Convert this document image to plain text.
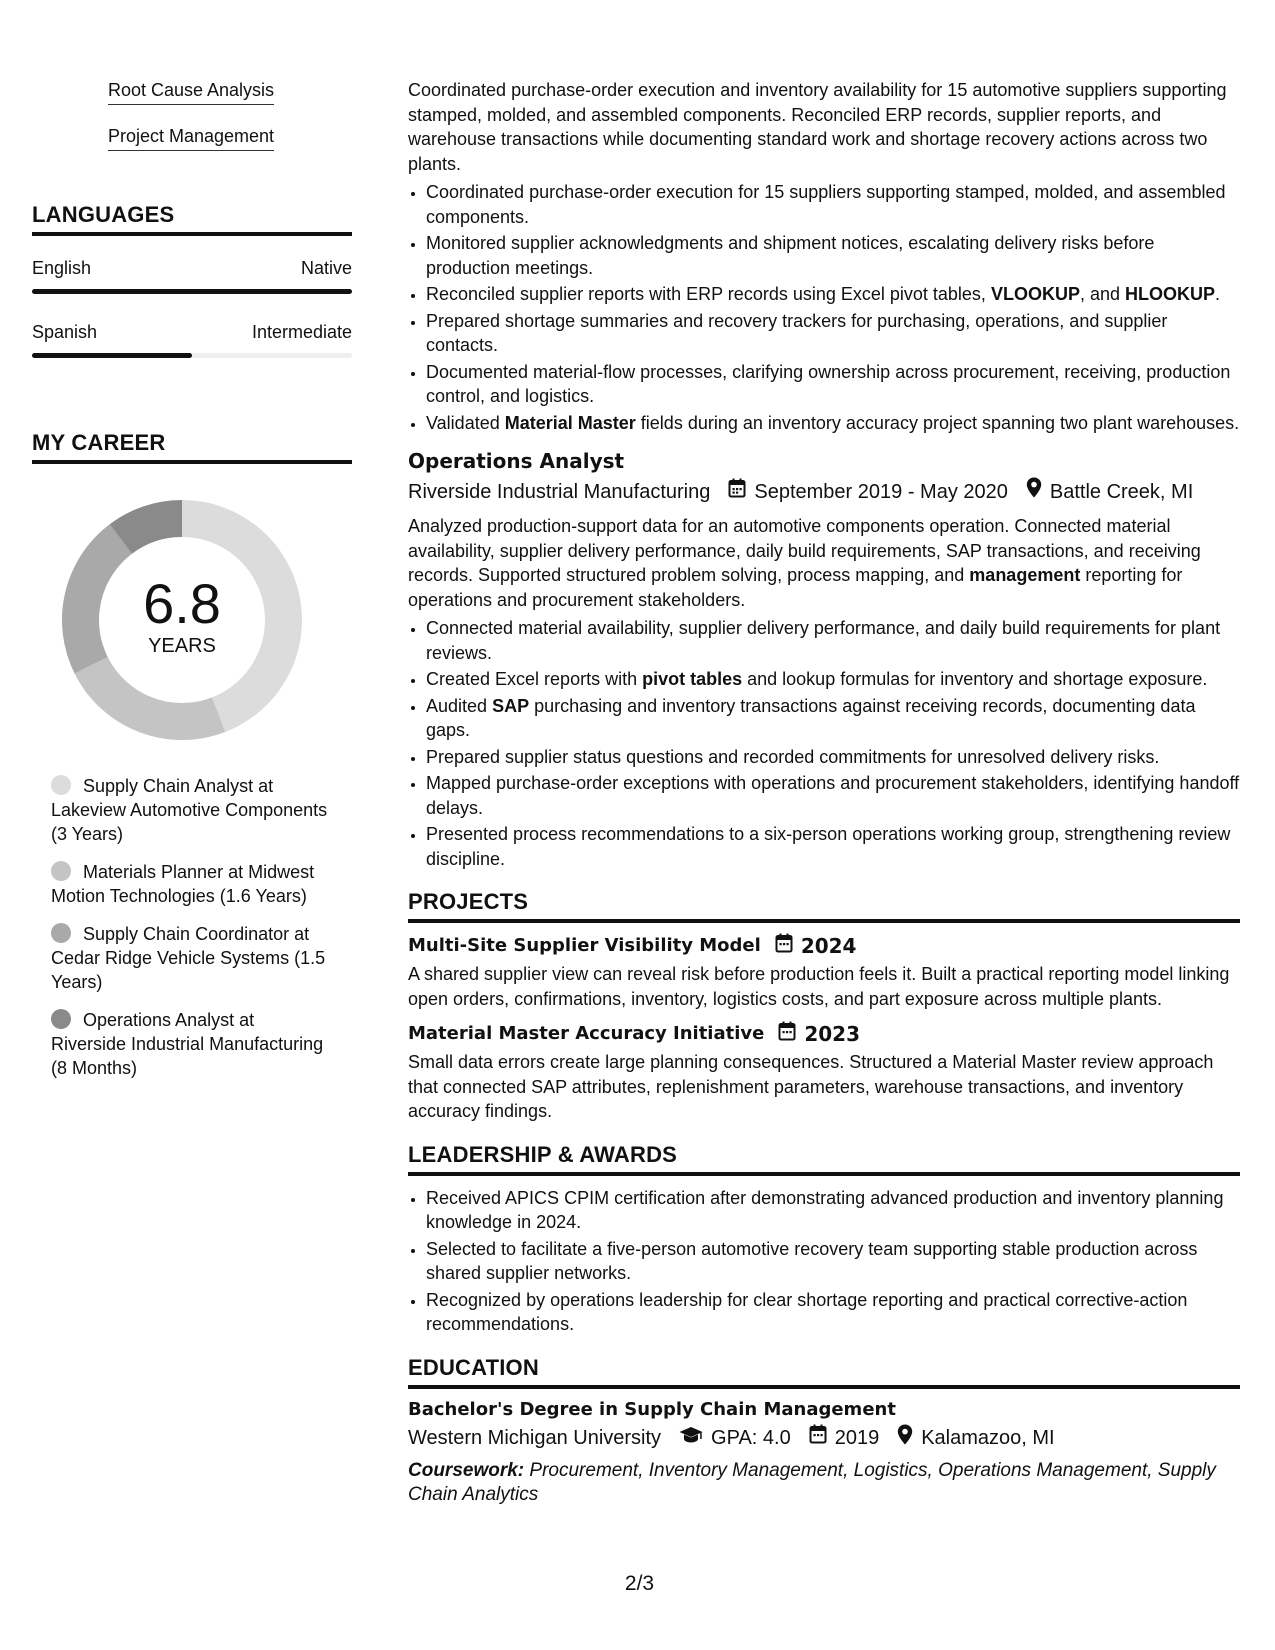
Root Cause Analysis
Project Management
LANGUAGES
English	Native
Spanish	Intermediate
MY CAREER
6.8
YEARS
Supply Chain Analyst at Lakeview Automotive Components (3 Years)
Materials Planner at Midwest Motion Technologies (1.6 Years)
Supply Chain Coordinator at Cedar Ridge Vehicle Systems (1.5 Years)
Operations Analyst at Riverside Industrial Manufacturing (8 Months)

Coordinated purchase-order execution and inventory availability for 15 automotive suppliers supporting stamped, molded, and assembled components. Reconciled ERP records, supplier reports, and warehouse transactions while documenting standard work and shortage recovery actions across two plants.

• Coordinated purchase-order execution for 15 suppliers supporting stamped, molded, and assembled components.
• Monitored supplier acknowledgments and shipment notices, escalating delivery risks before production meetings.
• Reconciled supplier reports with ERP records using Excel pivot tables, VLOOKUP, and HLOOKUP.
• Prepared shortage summaries and recovery trackers for purchasing, operations, and supplier contacts.
• Documented material-flow processes, clarifying ownership across procurement, receiving, production control, and logistics.
• Validated Material Master fields during an inventory accuracy project spanning two plant warehouses.
Operations Analyst
Riverside Industrial Manufacturing September 2019 - May 2020 Battle Creek, MI

Analyzed production-support data for an automotive components operation. Connected material availability, supplier delivery performance, daily build requirements, SAP transactions, and receiving records. Supported structured problem solving, process mapping, and management reporting for operations and procurement stakeholders.

• Connected material availability, supplier delivery performance, and daily build requirements for plant reviews.
• Created Excel reports with pivot tables and lookup formulas for inventory and shortage exposure.
• Audited SAP purchasing and inventory transactions against receiving records, documenting data gaps.
• Prepared supplier status questions and recorded commitments for unresolved delivery risks.
• Mapped purchase-order exceptions with operations and procurement stakeholders, identifying handoff delays.
• Presented process recommendations to a six-person operations working group, strengthening review discipline.
PROJECTS
Multi-Site Supplier Visibility Model 2024

A shared supplier view can reveal risk before production feels it. Built a practical reporting model linking open orders, confirmations, inventory, logistics costs, and part exposure across multiple plants.

Material Master Accuracy Initiative 2023

Small data errors create large planning consequences. Structured a Material Master review approach that connected SAP attributes, replenishment parameters, warehouse transactions, and inventory accuracy findings.

LEADERSHIP & AWARDS
• Received APICS CPIM certification after demonstrating advanced production and inventory planning knowledge in 2024.
• Selected to facilitate a five-person automotive recovery team supporting stable production across shared supplier networks.
• Recognized by operations leadership for clear shortage reporting and practical corrective-action recommendations.
EDUCATION
Bachelor's Degree in Supply Chain Management
Western Michigan University	GPA: 4.0 2019 Kalamazoo, MI
Coursework: Procurement, Inventory Management, Logistics, Operations Management, Supply Chain Analytics
2/3
